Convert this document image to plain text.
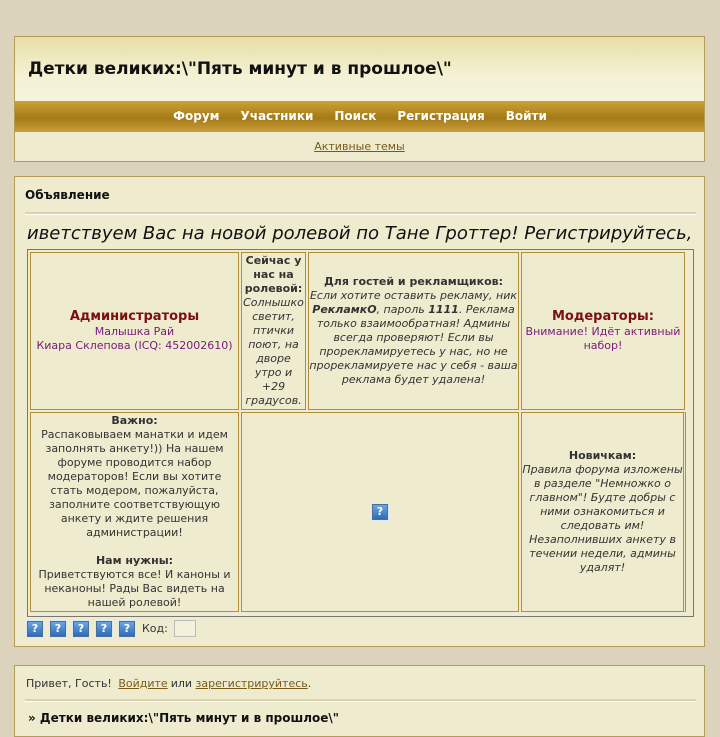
Детки великих:\"Пять минут и в прошлое\"
Форум	Участники	Поиск	Регистрация	Войти
Активные темы
Объявление
иветствуем Вас на новой ролевой по Тане Гроттер! Регистрируйтесь,
Администраторы
Малышка Рай
Киара Склепова (ICQ: 452002610)
Сейчас у нас на ролевой:
Солнышко светит, птички поют, на дворе утро и +29 градусов.
Для гостей и рекламщиков:
Если хотите оставить рекламу, ник РекламкО, пароль 1111. Реклама только взаимообратная! Админы всегда проверяют! Если вы прорекламируетесь у нас, но не прорекламируете нас у себя - ваша реклама будет удалена!
Модераторы:
Внимание! Идёт активный набор!
Важно:
Распаковываем манатки и идем заполнять анкету!)) На нашем форуме проводится набор модераторов! Если вы хотите стать модером, пожалуйста, заполните соответствующую анкету и ждите решения администрации!
Нам нужны:
Приветствуются все! И каноны и неканоны! Рады Вас видеть на нашей ролевой!
?
Новичкам:
Правила форума изложены в разделе "Немножко о главном"! Будте добры с ними ознакомиться и следовать им! Незаполнивших анкету в течении недели, админы удалят!
?	?	?	?	?	Код:
Привет, Гость! Войдите или зарегистрируйтесь.
» Детки великих:\"Пять минут и в прошлое\"
